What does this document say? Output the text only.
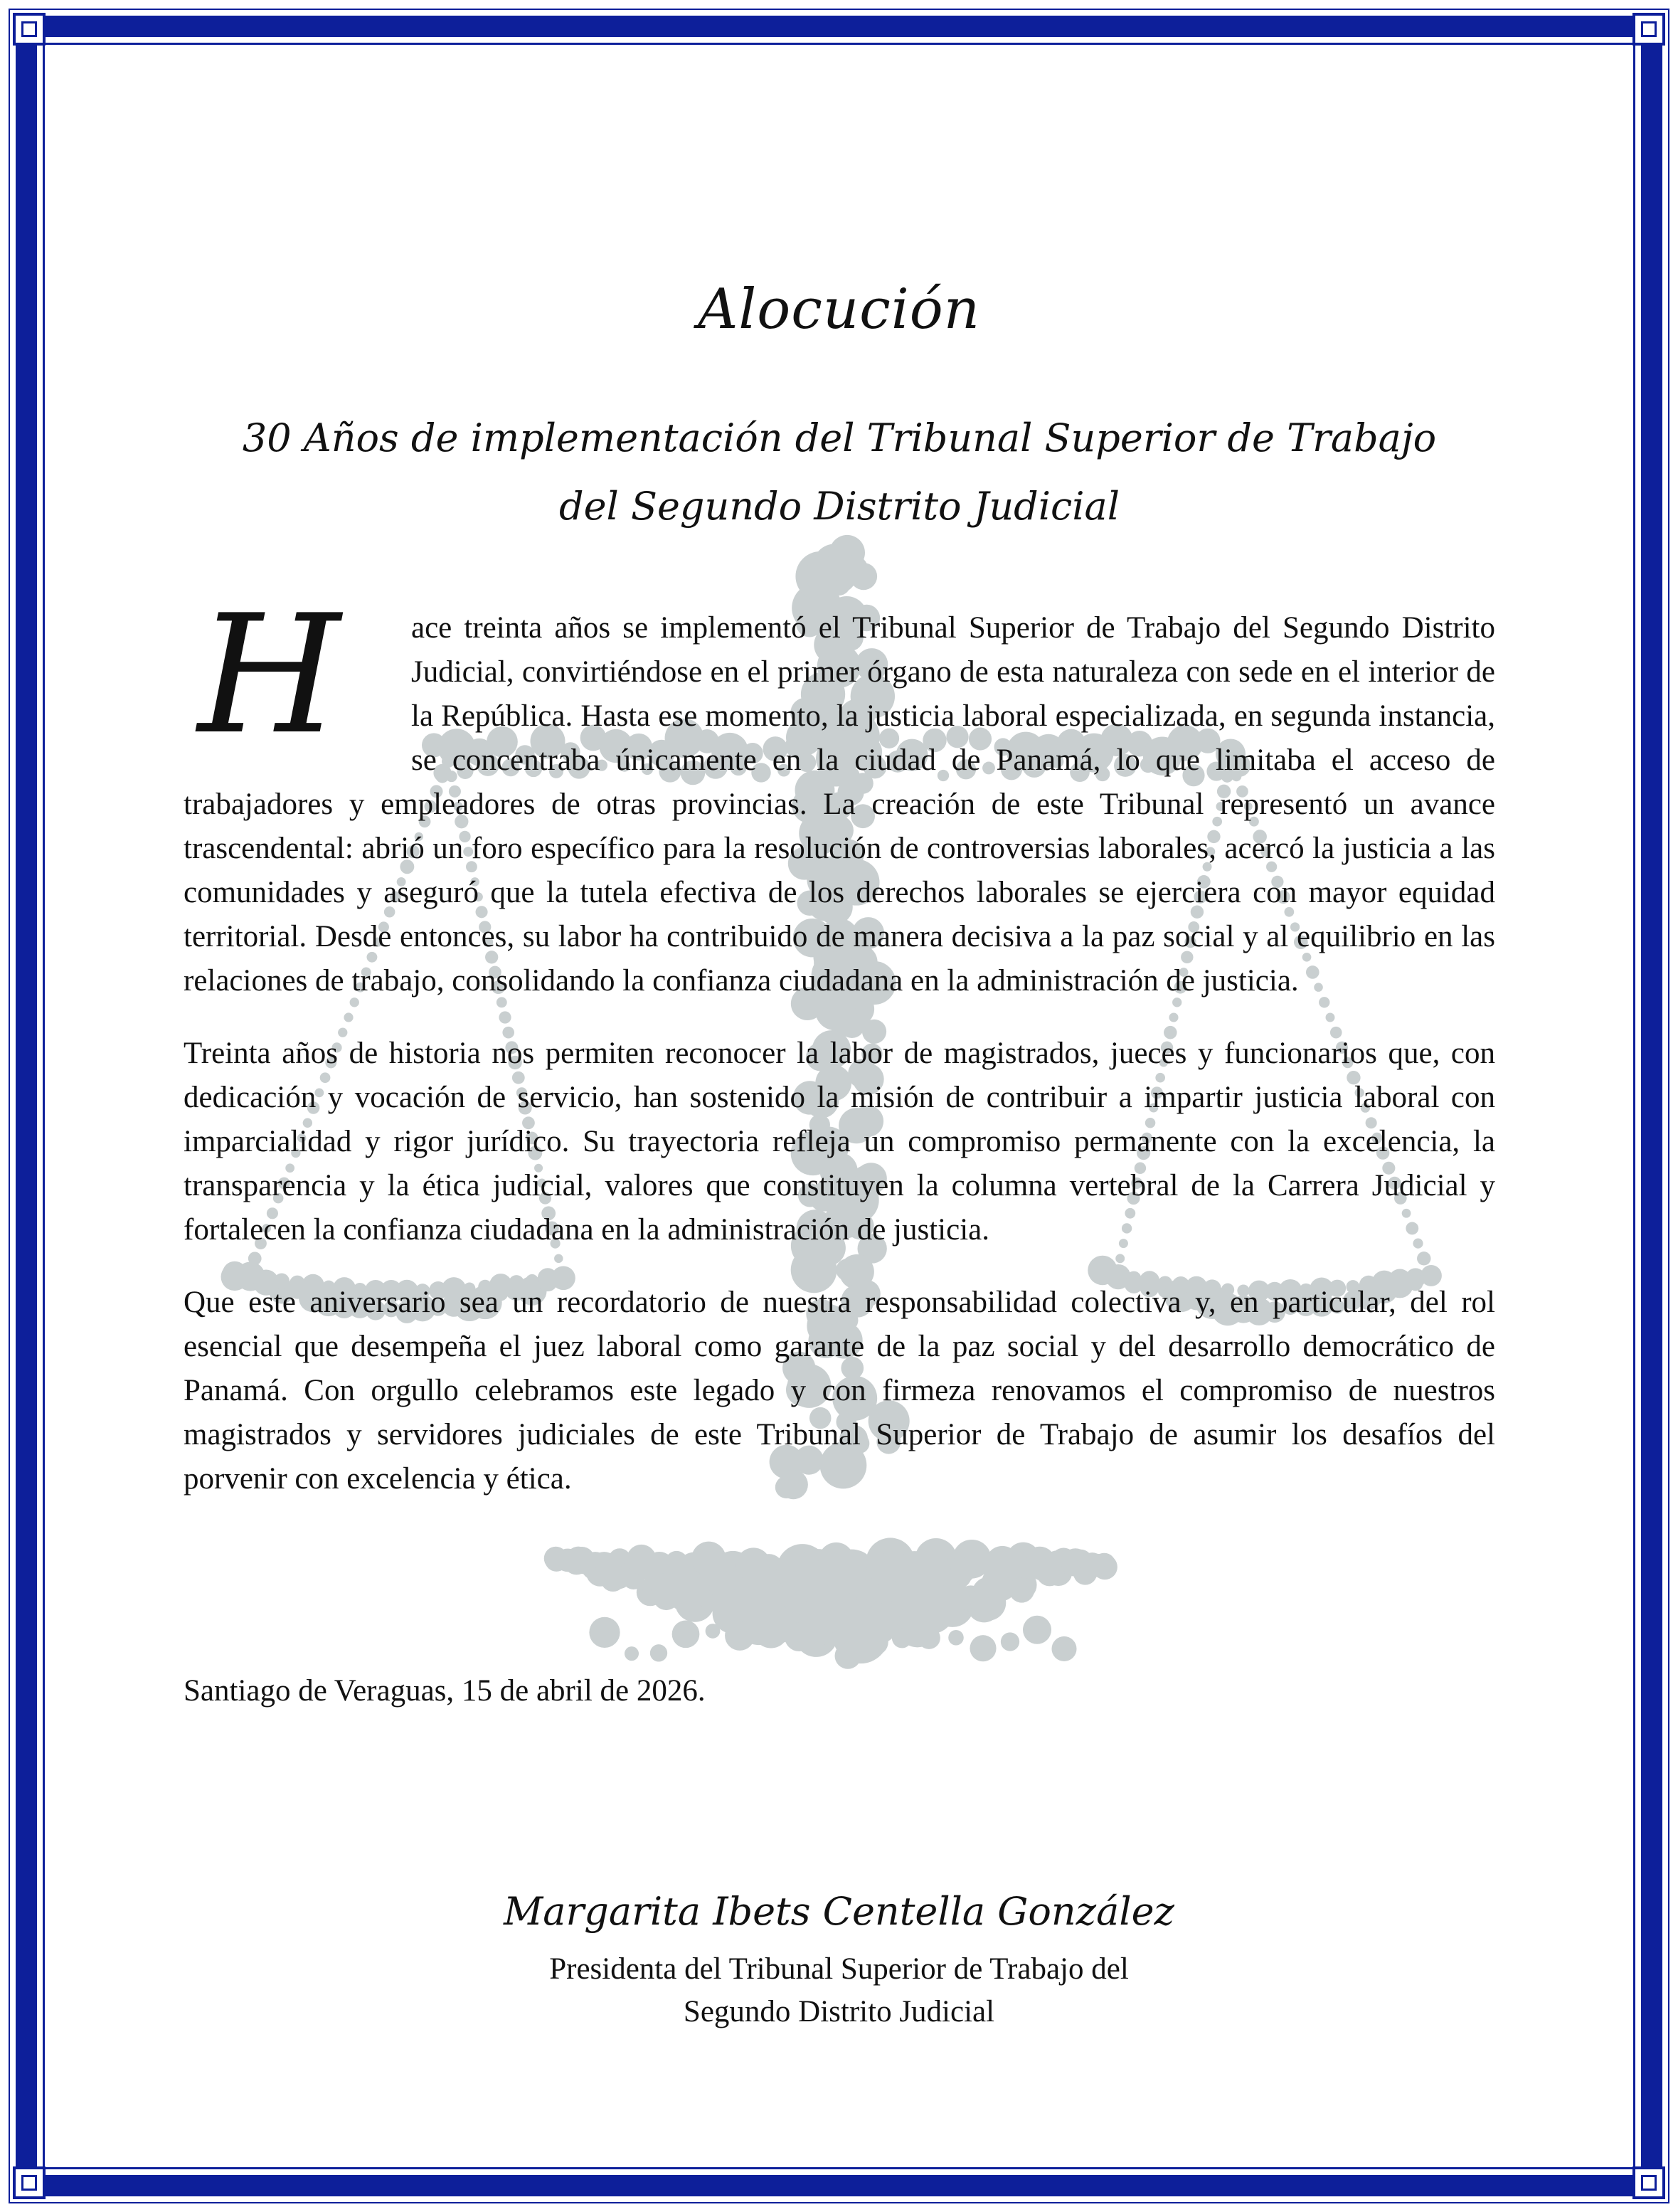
Alocución
30 Años de implementación del Tribunal Superior de Trabajo
del Segundo Distrito Judicial

H	ace treinta años se implementó el Tribunal Superior de Trabajo del Segundo Distrito Judicial, convirtiéndose en el primer órgano de esta naturaleza con sede en el interior de la República. Hasta ese momento, la justicia laboral especializada, en segunda instancia, se concentraba únicamente en la ciudad de Panamá, lo que limitaba el acceso de trabajadores y empleadores de otras provincias. La creación de este Tribunal representó un avance trascendental: abrió un foro específico para la resolución de controversias laborales, acercó la justicia a las comunidades y aseguró que la tutela efectiva de los derechos laborales se ejerciera con mayor equidad territorial. Desde entonces, su labor ha contribuido de manera decisiva a la paz social y al equilibrio en las relaciones de trabajo, consolidando la confianza ciudadana en la administración de justicia.

Treinta años de historia nos permiten reconocer la labor de magistrados, jueces y funcionarios que, con dedicación y vocación de servicio, han sostenido la misión de contribuir a impartir justicia laboral con imparcialidad y rigor jurídico. Su trayectoria refleja un compromiso permanente con la excelencia, la transparencia y la ética judicial, valores que constituyen la columna vertebral de la Carrera Judicial y fortalecen la confianza ciudadana en la administración de justicia.

Que este aniversario sea un recordatorio de nuestra responsabilidad colectiva y, en particular, del rol esencial que desempeña el juez laboral como garante de la paz social y del desarrollo democrático de Panamá. Con orgullo celebramos este legado y con firmeza renovamos el compromiso de nuestros magistrados y servidores judiciales de este Tribunal Superior de Trabajo de asumir los desafíos del porvenir con excelencia y ética.

Santiago de Veraguas, 15 de abril de 2026.
Margarita Ibets Centella González
Presidenta del Tribunal Superior de Trabajo del
Segundo Distrito Judicial
